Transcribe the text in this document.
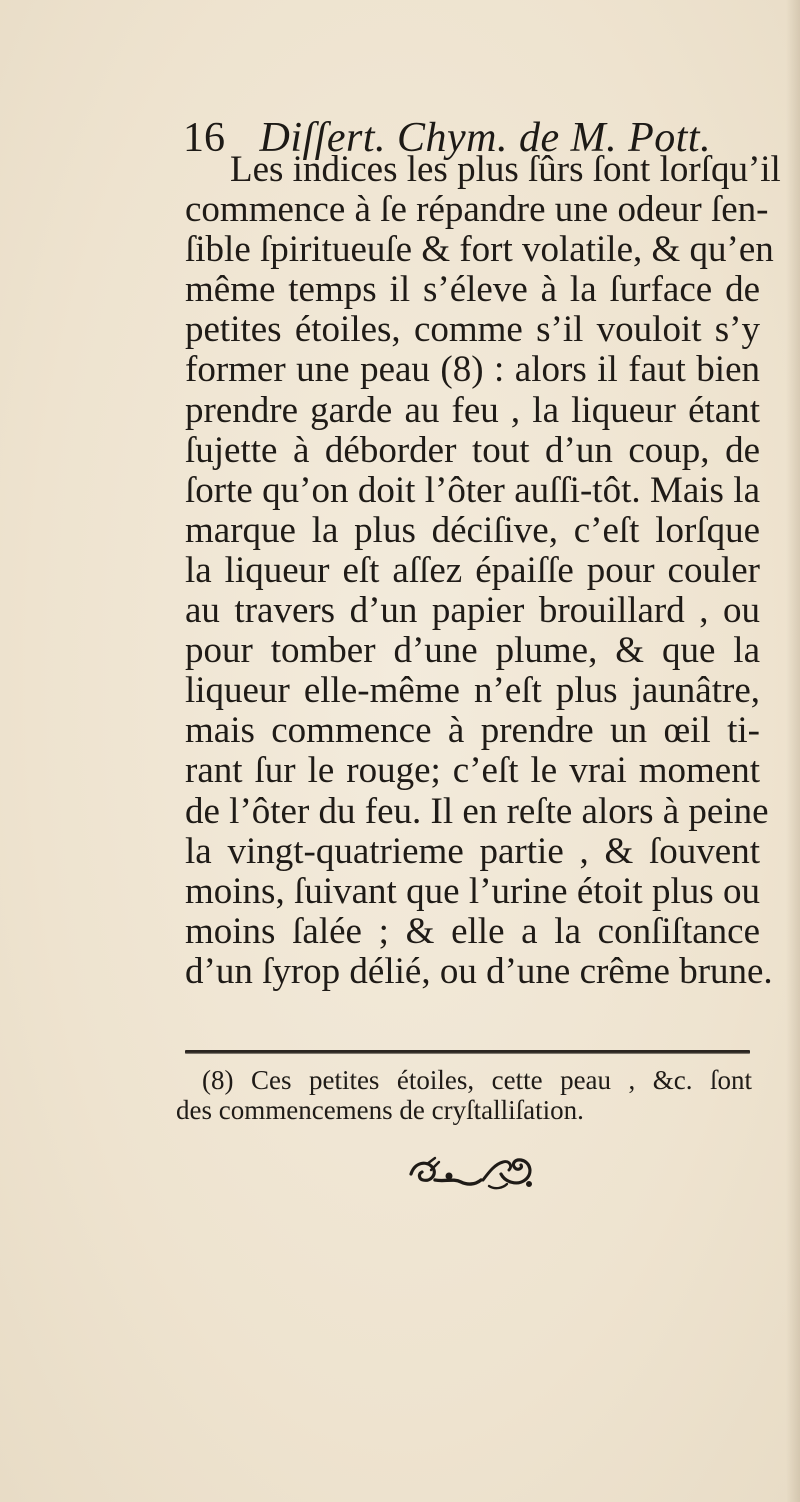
16 Diſſert. Chym. de M. Pott.
Les indices les plus ſûrs ſont lorſqu’il
commence à ſe répandre une odeur ſen-
ſible ſpiritueuſe & fort volatile, & qu’en
même temps il s’éleve à la ſurface de
petites étoiles, comme s’il vouloit s’y
former une peau (8) : alors il faut bien
prendre garde au feu , la liqueur étant
ſujette à déborder tout d’un coup, de
ſorte qu’on doit l’ôter auſſi-tôt. Mais la
marque la plus déciſive, c’eſt lorſque
la liqueur eſt aſſez épaiſſe pour couler
au travers d’un papier brouillard , ou
pour tomber d’une plume, & que la
liqueur elle-même n’eſt plus jaunâtre,
mais commence à prendre un œil ti-
rant ſur le rouge; c’eſt le vrai moment
de l’ôter du feu. Il en reſte alors à peine
la vingt-quatrieme partie , & ſouvent
moins, ſuivant que l’urine étoit plus ou
moins ſalée ; & elle a la conſiſtance
d’un ſyrop délié, ou d’une crême brune.
(8) Ces petites étoiles, cette peau , &c. ſont
des commencemens de cryſtalliſation.
